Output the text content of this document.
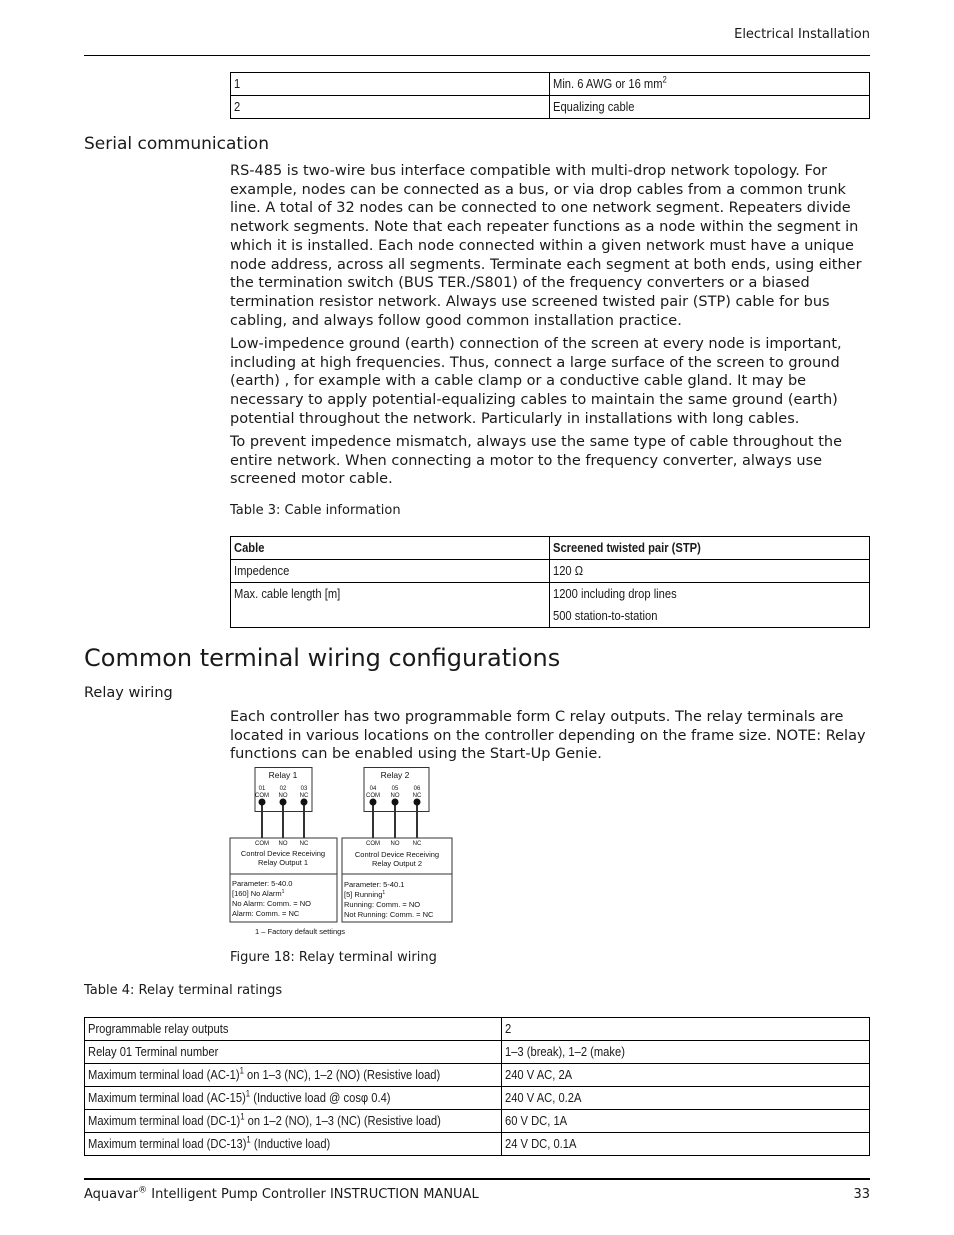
Electrical Installation
1	Min. 6 AWG or 16 $mm^2$
2	Equalizing cable
Serial communication
RS-485 is two-wire bus interface compatible with multi-drop network topology. For example, nodes can be connected as a bus, or via drop cables from a common trunk line. A total of 32 nodes can be connected to one network segment. Repeaters divide network segments. Note that each repeater functions as a node within the segment in which it is installed. Each node connected within a given network must have a unique node address, across all segments. Terminate each segment at both ends, using either the termination switch (BUS TER./S801) of the frequency converters or a biased termination resistor network. Always use screened twisted pair (STP) cable for bus cabling, and always follow good common installation practice.
Low-impedence ground (earth) connection of the screen at every node is important, including at high frequencies. Thus, connect a large surface of the screen to ground (earth) , for example with a cable clamp or a conductive cable gland. It may be necessary to apply potential-equalizing cables to maintain the same ground (earth) potential throughout the network. Particularly in installations with long cables.
To prevent impedence mismatch, always use the same type of cable throughout the entire network. When connecting a motor to the frequency converter, always use screened motor cable.
Table 3: Cable information
Cable	Screened twisted pair (STP)
Impedence	120 Ω
Max. cable length [m]	1200 including drop lines
500 station-to-station
Common terminal wiring configurations
Relay wiring
Each controller has two programmable form C relay outputs. The relay terminals are located in various locations on the controller depending on the frame size. NOTE: Relay functions can be enabled using the Start-Up Genie.
Relay 1	Relay 2
01 02 03
COM NO NC
04	05	06
COM NO NC
COM NO NC	COM NO NC
Control Device Receiving
Relay Output 1
Control Device Receiving
Relay Output 2
Parameter: 5-40.0
[160] No Alarm$^1$
No Alarm: Comm. = NO
Alarm: Comm. = NC
Parameter: 5-40.1
[5] Running$^1$
Running: Comm. = NO
Not Running: Comm. = NC
1 – Factory default settings
Figure 18: Relay terminal wiring
Table 4: Relay terminal ratings
Programmable relay outputs	2
Relay 01 Terminal number	1–3 (break), 1–2 (make)
Maximum terminal load $(AC-1)^1$ on 1–3 (NC), 1–2 (NO) (Resistive load)	240 V AC, 2A
Maximum terminal load $(AC-15)^1$ (Inductive load @ cosφ 0.4)	240 V AC, 0.2A
Maximum terminal load $(DC-1)^1$ on 1–2 (NO), 1–3 (NC) (Resistive load)	60 V DC, 1A
Maximum terminal load $(DC-13)^1$ (Inductive load)	24 V DC, 0.1A
Aquavar® Intelligent Pump Controller INSTRUCTION MANUAL	33
